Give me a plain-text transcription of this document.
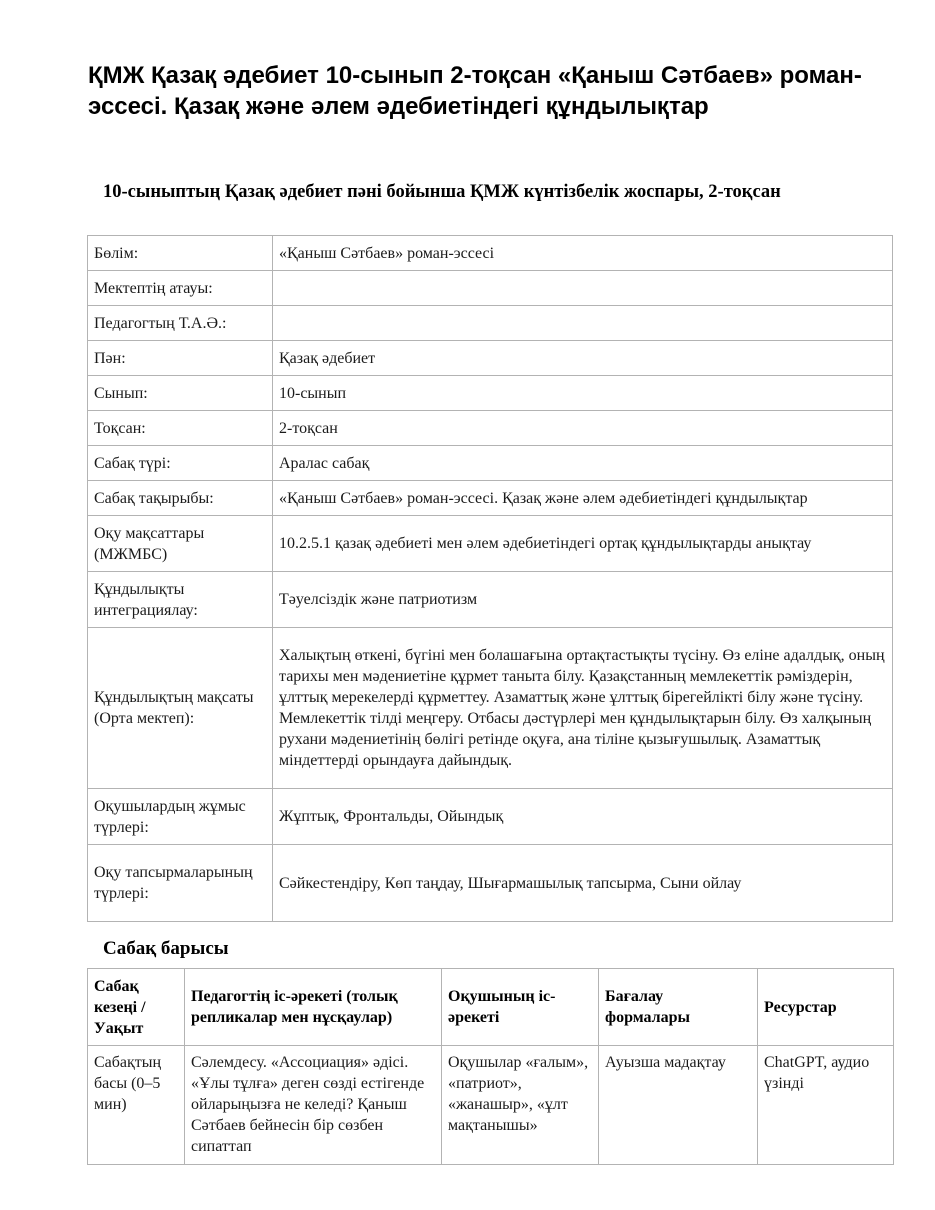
ҚМЖ Қазақ әдебиет 10-сынып 2-тоқсан «Қаныш Сәтбаев» роман-эссесі. Қазақ және әлем әдебиетіндегі құндылықтар
10-сыныптың Қазақ әдебиет пәні бойынша ҚМЖ күнтізбелік жоспары, 2-тоқсан
Бөлім:	«Қаныш Сәтбаев» роман-эссесі
Мектептің атауы:	
Педагогтың Т.А.Ә.:	
Пән:	Қазақ әдебиет
Сынып:	10-сынып
Тоқсан:	2-тоқсан
Сабақ түрі:	Аралас сабақ
Сабақ тақырыбы:	«Қаныш Сәтбаев» роман-эссесі. Қазақ және әлем әдебиетіндегі құндылықтар
Оқу мақсаттары (МЖМБС)	10.2.5.1 қазақ әдебиеті мен әлем әдебиетіндегі ортақ құндылықтарды анықтау
Құндылықты интеграциялау:	Тәуелсіздік және патриотизм
Құндылықтың мақсаты (Орта мектеп):	Халықтың өткені, бүгіні мен болашағына ортақтастықты түсіну. Өз еліне адалдық, оның тарихы мен мәдениетіне құрмет таныта білу. Қазақстанның мемлекеттік рәміздерін, ұлттық мерекелерді құрметтеу. Азаматтық және ұлттық бірегейлікті білу және түсіну. Мемлекеттік тілді меңгеру. Отбасы дәстүрлері мен құндылықтарын білу. Өз халқының рухани мәдениетінің бөлігі ретінде оқуға, ана тіліне қызығушылық. Азаматтық міндеттерді орындауға дайындық.
Оқушылардың жұмыс түрлері:	Жұптық, Фронтальды, Ойындық
Оқу тапсырмаларының түрлері:	Сәйкестендіру, Көп таңдау, Шығармашылық тапсырма, Сыни ойлау
Сабақ барысы
Сабақ кезеңі / Уақыт	Педагогтің іс-әрекеті (толық репликалар мен нұсқаулар)	Оқушының іс-әрекеті	Бағалау формалары	Ресурстар
Сабақтың басы (0–5 мин)	Сәлемдесу. «Ассоциация» әдісі. «Ұлы тұлға» деген сөзді естігенде ойларыңызға не келеді? Қаныш Сәтбаев бейнесін бір сөзбен сипаттап	Оқушылар «ғалым», «патриот», «жанашыр», «ұлт мақтанышы»	Ауызша мадақтау	ChatGPT, аудио үзінді
